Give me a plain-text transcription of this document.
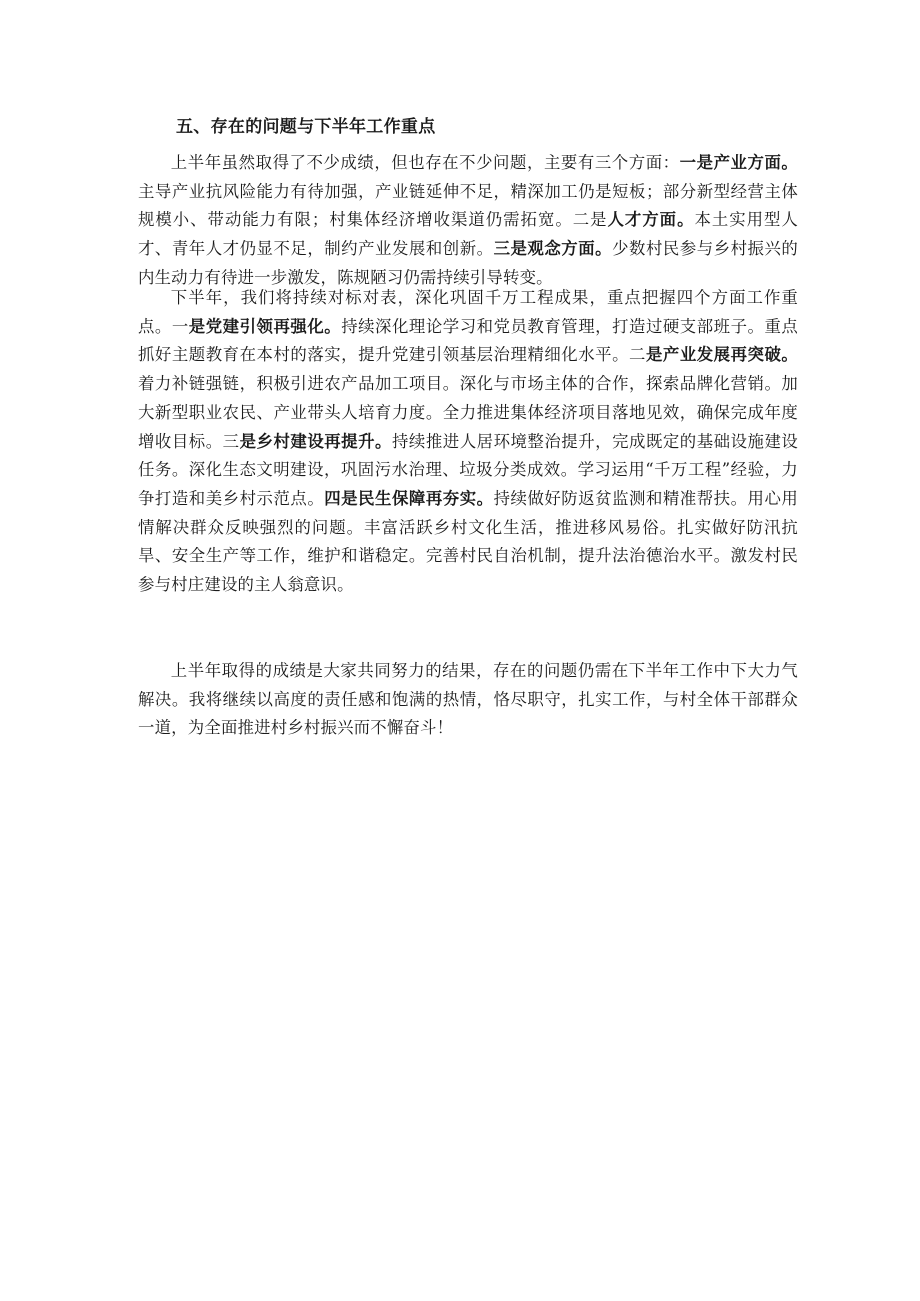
五、存在的问题与下半年工作重点

上半年虽然取得了不少成绩，但也存在不少问题，主要有三个方面：一是产业方面。主导产业抗风险能力有待加强，产业链延伸不足，精深加工仍是短板；部分新型经营主体规模小、带动能力有限；村集体经济增收渠道仍需拓宽。二是人才方面。本土实用型人才、青年人才仍显不足，制约产业发展和创新。三是观念方面。少数村民参与乡村振兴的内生动力有待进一步激发，陈规陋习仍需持续引导转变。

下半年，我们将持续对标对表，深化巩固千万工程成果，重点把握四个方面工作重点。一是党建引领再强化。持续深化理论学习和党员教育管理，打造过硬支部班子。重点抓好主题教育在本村的落实，提升党建引领基层治理精细化水平。二是产业发展再突破。着力补链强链，积极引进农产品加工项目。深化与市场主体的合作，探索品牌化营销。加大新型职业农民、产业带头人培育力度。全力推进集体经济项目落地见效，确保完成年度增收目标。三是乡村建设再提升。持续推进人居环境整治提升，完成既定的基础设施建设任务。深化生态文明建设，巩固污水治理、垃圾分类成效。学习运用“千万工程”经验，力争打造和美乡村示范点。四是民生保障再夯实。持续做好防返贫监测和精准帮扶。用心用情解决群众反映强烈的问题。丰富活跃乡村文化生活，推进移风易俗。扎实做好防汛抗旱、安全生产等工作，维护和谐稳定。完善村民自治机制，提升法治德治水平。激发村民参与村庄建设的主人翁意识。

上半年取得的成绩是大家共同努力的结果，存在的问题仍需在下半年工作中下大力气解决。我将继续以高度的责任感和饱满的热情，恪尽职守，扎实工作，与村全体干部群众一道，为全面推进村乡村振兴而不懈奋斗！
